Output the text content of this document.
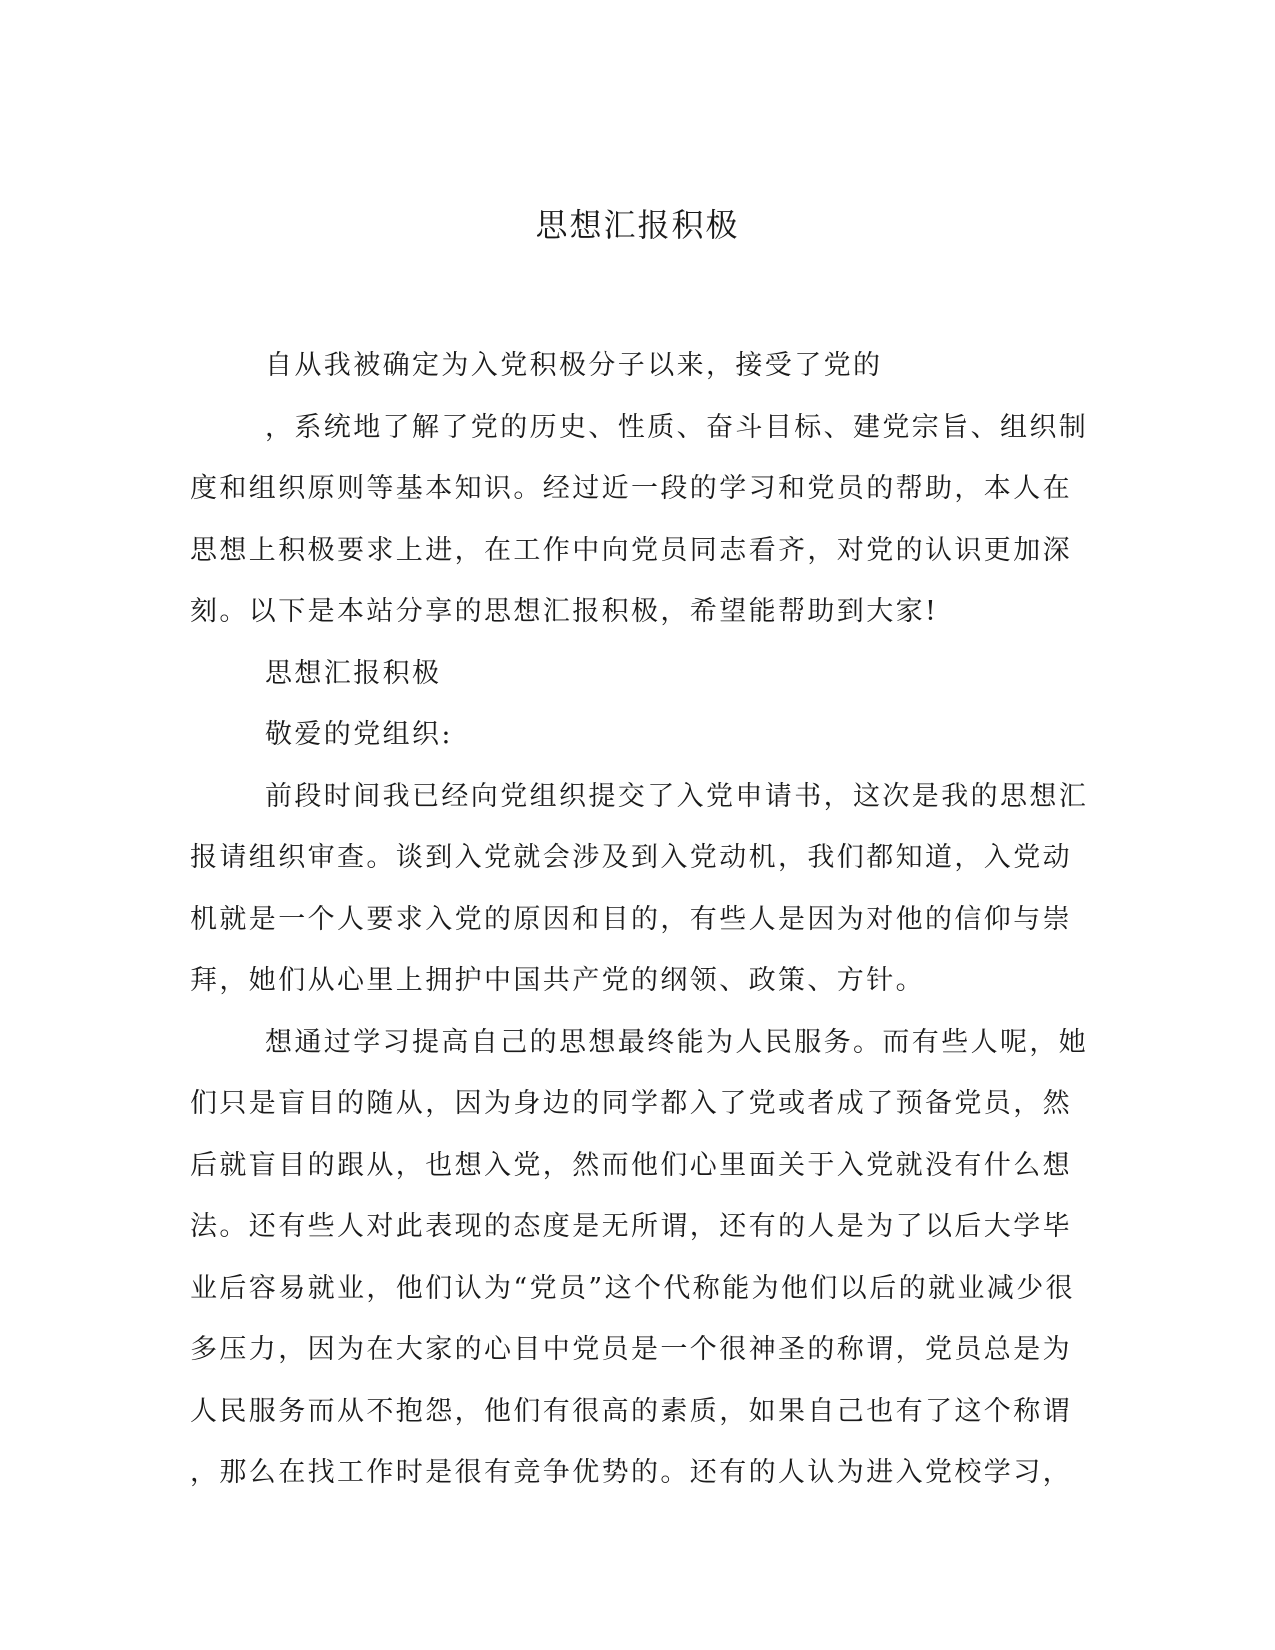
思想汇报积极
自从我被确定为入党积极分子以来，接受了党的
，系统地了解了党的历史、性质、奋斗目标、建党宗旨、组织制
度和组织原则等基本知识。经过近一段的学习和党员的帮助，本人在
思想上积极要求上进，在工作中向党员同志看齐，对党的认识更加深
刻。以下是本站分享的思想汇报积极，希望能帮助到大家!
思想汇报积极
敬爱的党组织:
前段时间我已经向党组织提交了入党申请书，这次是我的思想汇
报请组织审查。谈到入党就会涉及到入党动机，我们都知道，入党动
机就是一个人要求入党的原因和目的，有些人是因为对他的信仰与崇
拜，她们从心里上拥护中国共产党的纲领、政策、方针。
想通过学习提高自己的思想最终能为人民服务。而有些人呢，她
们只是盲目的随从，因为身边的同学都入了党或者成了预备党员，然
后就盲目的跟从，也想入党，然而他们心里面关于入党就没有什么想
法。还有些人对此表现的态度是无所谓，还有的人是为了以后大学毕
业后容易就业，他们认为“党员”这个代称能为他们以后的就业减少很
多压力，因为在大家的心目中党员是一个很神圣的称谓，党员总是为
人民服务而从不抱怨，他们有很高的素质，如果自己也有了这个称谓
，那么在找工作时是很有竞争优势的。还有的人认为进入党校学习，
